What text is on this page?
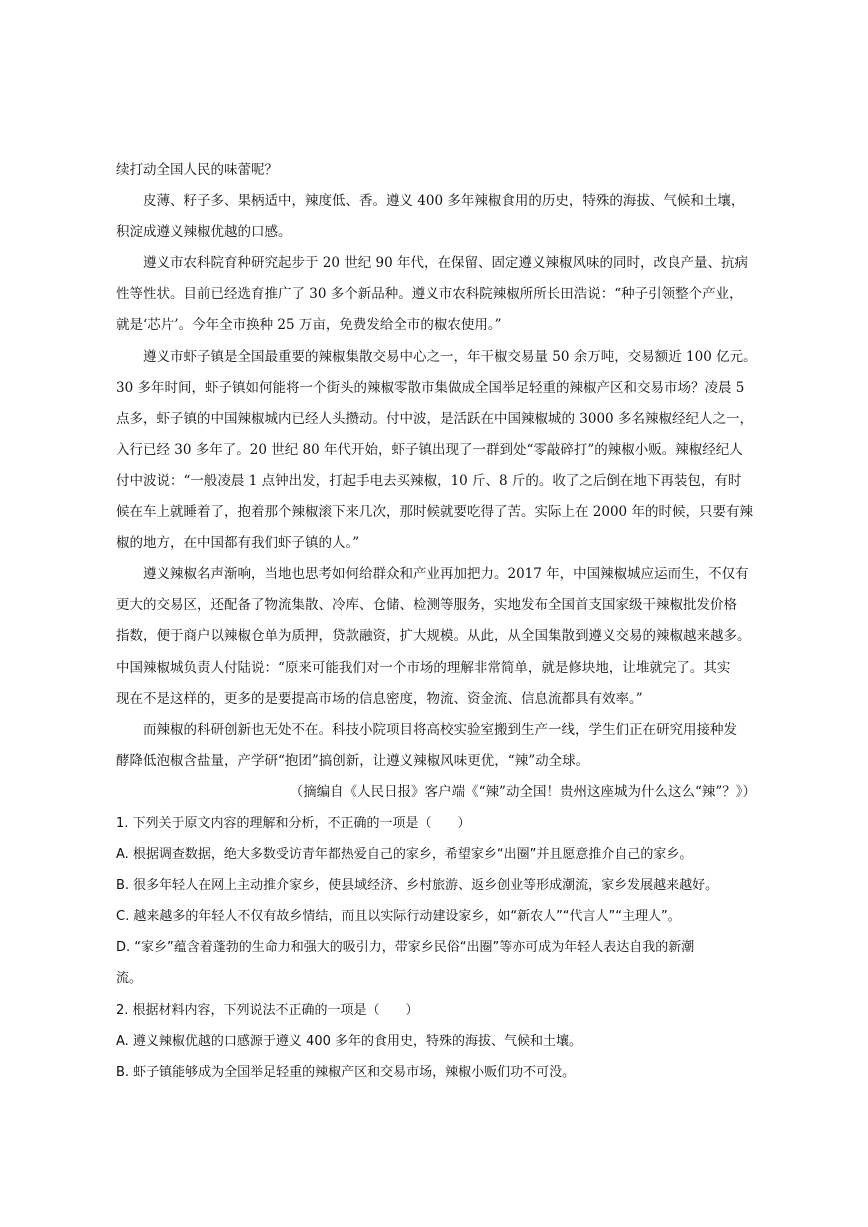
续打动全国人民的味蕾呢？
皮薄、籽子多、果柄适中，辣度低、香。遵义 400 多年辣椒食用的历史，特殊的海拔、气候和土壤，
积淀成遵义辣椒优越的口感。
遵义市农科院育种研究起步于 20 世纪 90 年代，在保留、固定遵义辣椒风味的同时，改良产量、抗病
性等性状。目前已经选育推广了 30 多个新品种。遵义市农科院辣椒所所长田浩说：“种子引领整个产业，
就是‘芯片’。今年全市换种 25 万亩，免费发给全市的椒农使用。”
遵义市虾子镇是全国最重要的辣椒集散交易中心之一，年干椒交易量 50 余万吨，交易额近 100 亿元。
30 多年时间，虾子镇如何能将一个街头的辣椒零散市集做成全国举足轻重的辣椒产区和交易市场？凌晨 5
点多，虾子镇的中国辣椒城内已经人头攒动。付中波，是活跃在中国辣椒城的 3000 多名辣椒经纪人之一，
入行已经 30 多年了。20 世纪 80 年代开始，虾子镇出现了一群到处“零敲碎打”的辣椒小贩。辣椒经纪人
付中波说：“一般凌晨 1 点钟出发，打起手电去买辣椒，10 斤、8 斤的。收了之后倒在地下再装包，有时
候在车上就睡着了，抱着那个辣椒滚下来几次，那时候就要吃得了苦。实际上在 2000 年的时候，只要有辣
椒的地方，在中国都有我们虾子镇的人。”
遵义辣椒名声渐响，当地也思考如何给群众和产业再加把力。2017 年，中国辣椒城应运而生，不仅有
更大的交易区，还配备了物流集散、冷库、仓储、检测等服务，实地发布全国首支国家级干辣椒批发价格
指数，便于商户以辣椒仓单为质押，贷款融资，扩大规模。从此，从全国集散到遵义交易的辣椒越来越多。
中国辣椒城负责人付陆说：“原来可能我们对一个市场的理解非常简单，就是修块地，让堆就完了。其实
现在不是这样的，更多的是要提高市场的信息密度，物流、资金流、信息流都具有效率。”
而辣椒的科研创新也无处不在。科技小院项目将高校实验室搬到生产一线，学生们正在研究用接种发
酵降低泡椒含盐量，产学研“抱团”搞创新，让遵义辣椒风味更优，“辣”动全球。
（摘编自《人民日报》客户端《“辣”动全国！贵州这座城为什么这么“辣”？》）
1. 下列关于原文内容的理解和分析，不正确的一项是（　　）
A. 根据调查数据，绝大多数受访青年都热爱自己的家乡，希望家乡“出圈”并且愿意推介自己的家乡。
B. 很多年轻人在网上主动推介家乡，使县域经济、乡村旅游、返乡创业等形成潮流，家乡发展越来越好。
C. 越来越多的年轻人不仅有故乡情结，而且以实际行动建设家乡，如“新农人”“代言人”“主理人”。
D. “家乡”蕴含着蓬勃的生命力和强大的吸引力，带家乡民俗“出圈”等亦可成为年轻人表达自我的新潮
流。
2. 根据材料内容，下列说法不正确的一项是（　　）
A. 遵义辣椒优越的口感源于遵义 400 多年的食用史，特殊的海拔、气候和土壤。
B. 虾子镇能够成为全国举足轻重的辣椒产区和交易市场，辣椒小贩们功不可没。
